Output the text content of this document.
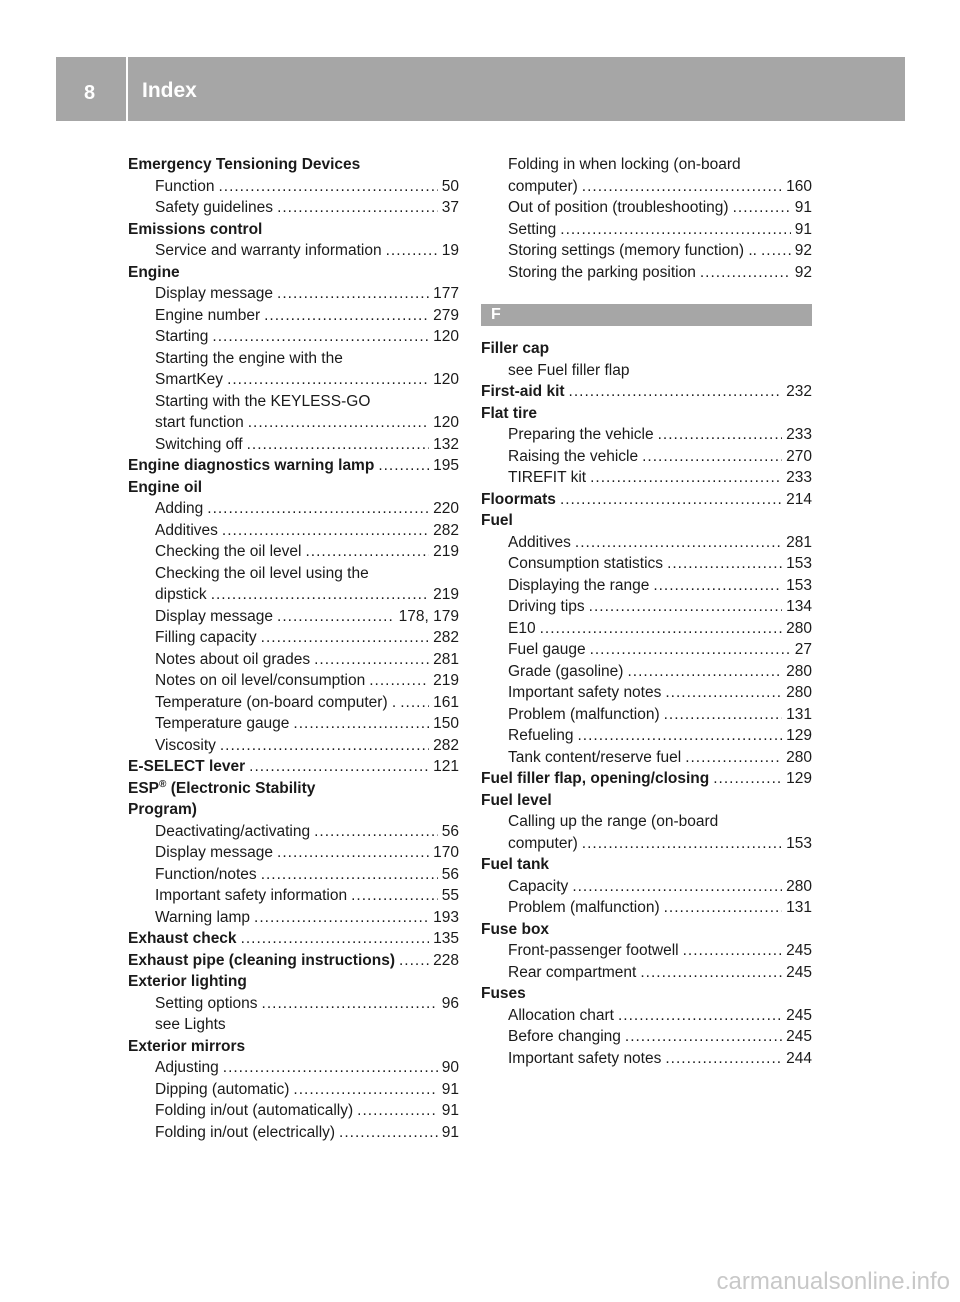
8	Index
Emergency Tensioning Devices
Function .....	50
Safety guidelines .....	37
Emissions control
Service and warranty information .....	19
Engine
Display message .....	177
Engine number .....	279
Starting .....	120
Starting the engine with the
SmartKey .....	120
Starting with the KEYLESS-GO
start function .....	120
Switching off .....	132
Engine diagnostics warning lamp .....	195
Engine oil
Adding .....	220
Additives .....	282
Checking the oil level .....	219
Checking the oil level using the
dipstick .....	219
Display message .....	178, 179
Filling capacity .....	282
Notes about oil grades .....	281
Notes on oil level/consumption .....	219
Temperature (on-board computer) . ..... 161
Temperature gauge .....	150
Viscosity .....	282
E-SELECT lever .....	121
ESP® (Electronic Stability
Program)
Deactivating/activating .....	56
Display message .....	170
Function/notes .....	56
Important safety information .....	55
Warning lamp .....	193
Exhaust check .....	135
Exhaust pipe (cleaning instructions) ..... 228
Exterior lighting
Setting options .....	96
see Lights
Exterior mirrors
Adjusting .....	90
Dipping (automatic) .....	91
Folding in/out (automatically) .....	91
Folding in/out (electrically) .....	91
Folding in when locking (on-board
computer) .....	160
Out of position (troubleshooting) .....	91
Setting .....	91
Storing settings (memory function) .. ..... 92
Storing the parking position .....	92
F
Filler cap
see Fuel filler flap
First-aid kit .....	232
Flat tire
Preparing the vehicle .....	233
Raising the vehicle .....	270
TIREFIT kit .....	233
Floormats .....	214
Fuel
Additives .....	281
Consumption statistics .....	153
Displaying the range .....	153
Driving tips .....	134
E10 .....	280
Fuel gauge .....	27
Grade (gasoline) .....	280
Important safety notes .....	280
Problem (malfunction) .....	131
Refueling .....	129
Tank content/reserve fuel .....	280
Fuel filler flap, opening/closing .....	129
Fuel level
Calling up the range (on-board
computer) .....	153
Fuel tank
Capacity .....	280
Problem (malfunction) .....	131
Fuse box
Front-passenger footwell .....	245
Rear compartment .....	245
Fuses
Allocation chart .....	245
Before changing .....	245
Important safety notes .....	244
carmanualsonline.info
